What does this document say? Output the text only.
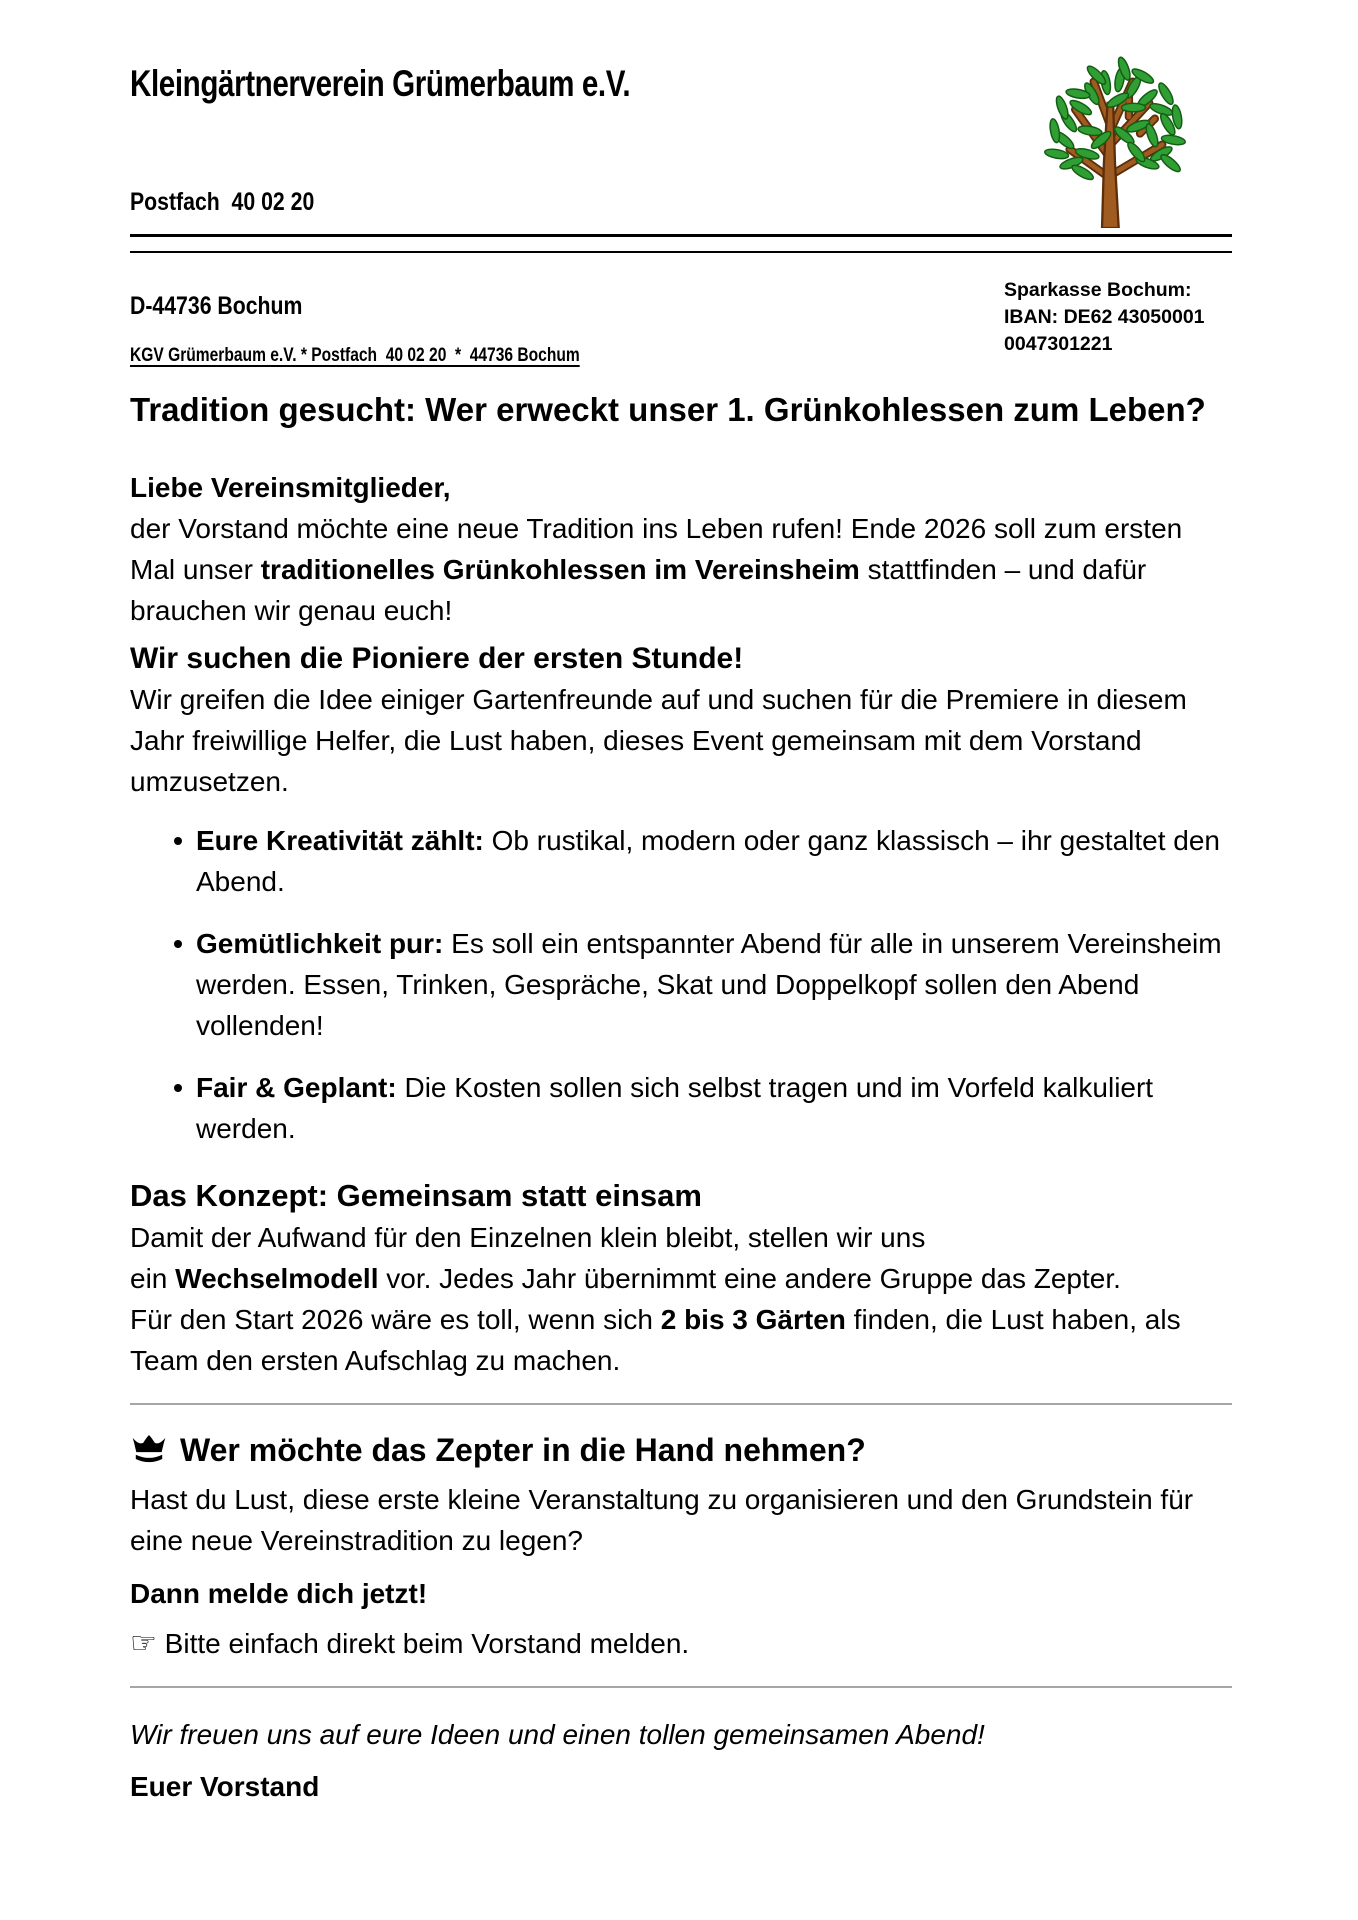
Kleingärtnerverein Grümerbaum e.V.

Postfach  40 02 20

D-44736 Bochum

KGV Grümerbaum e.V. * Postfach  40 02 20  *  44736 Bochum
Sparkasse Bochum:
IBAN: DE62 43050001
0047301221
Tradition gesucht: Wer erweckt unser 1. Grünkohlessen zum Leben?
Liebe Vereinsmitglieder,

der Vorstand möchte eine neue Tradition ins Leben rufen! Ende 2026 soll zum ersten Mal unser traditionelles Grünkohlessen im Vereinsheim stattfinden – und dafür brauchen wir genau euch!

Wir suchen die Pioniere der ersten Stunde!

Wir greifen die Idee einiger Gartenfreunde auf und suchen für die Premiere in diesem Jahr freiwillige Helfer, die Lust haben, dieses Event gemeinsam mit dem Vorstand umzusetzen.

Eure Kreativität zählt: Ob rustikal, modern oder ganz klassisch – ihr gestaltet den Abend.
Gemütlichkeit pur: Es soll ein entspannter Abend für alle in unserem Vereinsheim werden. Essen, Trinken, Gespräche, Skat und Doppelkopf sollen den Abend vollenden!
Fair & Geplant: Die Kosten sollen sich selbst tragen und im Vorfeld kalkuliert werden.
Das Konzept: Gemeinsam statt einsam

Damit der Aufwand für den Einzelnen klein bleibt, stellen wir uns
ein Wechselmodell vor. Jedes Jahr übernimmt eine andere Gruppe das Zepter.
Für den Start 2026 wäre es toll, wenn sich 2 bis 3 Gärten finden, die Lust haben, als Team den ersten Aufschlag zu machen.

Wer möchte das Zepter in die Hand nehmen?

Hast du Lust, diese erste kleine Veranstaltung zu organisieren und den Grundstein für eine neue Vereinstradition zu legen?

Dann melde dich jetzt!
☞ Bitte einfach direkt beim Vorstand melden.
Wir freuen uns auf eure Ideen und einen tollen gemeinsamen Abend!
Euer Vorstand
